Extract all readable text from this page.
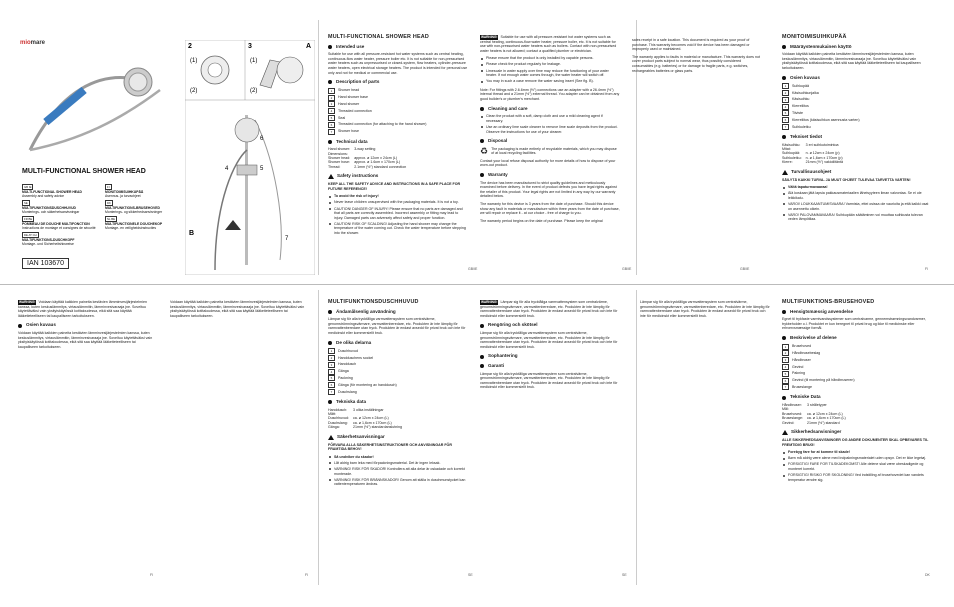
miomare
MULTI-FUNCTIONAL SHOWER HEAD
GB IE
MULTI-FUNCTIONAL SHOWER HEAD
Assembly and safety advice
FI
MONITOIMISUIHKUPÄÄ
Asennus- ja turvaohjeet
SE
MULTIFUNKTIONSDUSCHHUVUD
Monterings- och säkerhetsanvisningar
DK
MULTIFUNKTIONS-BRUSEHOVED
Monterings- og sikkerhedsanvisninger
FR BE
POMMEAU DE DOUCHE MULTIFONCTION
Instructions de montage et consignes de sécurité
NL BE
MULTIFUNCTIONELE DOUCHEKOP
Montage- en veiligheidsinstructies
DE AT CH
MULTIFUNKTIONS-DUSCHKOPF
Montage- und Sicherheitshinweise
IAN 103670
2
(1)
(2)
3
(1)
(2)
A
5
4
6
7
B
MULTI-FUNCTIONAL SHOWER HEAD
Intended use
Suitable for use with all pressure-resistant hot water systems such as central heating, continuous-flow water heater, pressure boiler etc. It is not suitable for non-pressurised water heaters such as unpressurised or closed-system, flow heaters, cylinder-pressure water heaters, open electrical storage heaters. The product is intended for personal use only and not for medical or commercial use.
Description of parts
1	Shower head
2	Hand shower base
3	Hand shower
4	Threaded connection
5	Seal
6	Threaded connection (for attaching to the hand shower)
7	Shower hose
Technical data
Hand shower:	3-way setting
Dimensions:	
Shower head:	approx. ø 12cm x 24cm (L)
Shower hose:	approx. ø 1.6cm x 170cm (L)
Thread:	2.1mm (½") standard connection
Safety instructions
KEEP ALL THE SAFETY ADVICE AND INSTRUCTIONS IN A SAFE PLACE FOR FUTURE REFERENCE!
To avoid the risk of injury!
Never leave children unsupervised with the packaging materials. It is not a toy.
CAUTION! DANGER OF INJURY! Please ensure that no parts are damaged and that all parts are correctly assembled. Incorrect assembly or fitting may lead to injury. Damaged parts can adversely affect safety and proper function.
CAUTION! RISK OF SCALDING! Adjusting the hand shower may change the temperature of the water coming out. Check the water temperature before stepping into the shower.
WARNING! Suitable for use with all pressure-resistant hot water systems such as central heating, continuous-flow water heater, pressure boiler, etc. It is not suitable for use with non-pressurised water heaters such as boilers. Contact with non-pressurised water heaters is not allowed; contact a qualified plumber or electrician.
Please ensure that the product is only installed by capable persons.
Please check the product regularly for leakage.
Limescale in water supply over time may reduce the functioning of your water heater. If not enough water comes through, the water heater will switch off.
You may in such a case remove the water saving insert (See fig. B).
Note: For fittings with 2.6.6mm (½") connections use an adapter with a 26.4mm (½") internal thread and a 21mm (½") external thread. You adapter can be obtained from any good builder's or plumber's merchant.
Cleaning and care
Clean the product with a soft, damp cloth and use a mild cleaning agent if necessary.
Use an ordinary lime scale cleaner to remove lime scale deposits from the product. Observe the instructions for use of your cleaner.
Disposal
♻ The packaging is made entirely of recyclable materials, which you may dispose of at local recycling facilities.
Contact your local refuse disposal authority for more details of how to dispose of your worn-out product.
Warranty
The device has been manufactured to strict quality guidelines and meticulously examined before delivery. In the event of product defects you have legal rights against the retailer of this product. Your legal rights are not limited in any way by our warranty detailed below.
The warranty for this device is 3 years from the date of purchase. Should this device show any fault in materials or manufacture within three years from the date of purchase, we will repair or replace it - at our choice - free of charge to you.
The warranty period begins on the date of purchase. Please keep the original
sales receipt in a safe location. This document is required as your proof of purchase. This warranty becomes void if the device has been damaged or improperly used or maintained.
The warranty applies to faults in material or manufacture. This warranty does not cover product parts subject to normal wear, thus possibly considered consumables (e.g. batteries) or for damage to fragile parts, e.g. switches, rechargeables batteries or glass parts.
MONITOIMISUIHKUPÄÄ
Määräystenmukainen käyttö
Voidaan käyttää kaikkien paineita kestävien lämminvesijärjestelmien kanssa, kuten keskuslämmitys, virtauslämmitin, lämminvesivaraaja jne. Soveltuu käytettäväksi vain yksityiskäytössä kotitaloudessa, eikä sitä saa käyttää lääketieteelliseen tai kaupalliseen tarkoitukseen.
Osien kuvaus
1	Suihkupää
2	Käsisuihkunjalka
3	Käsisuihku
4	Kierreliitos
5	Tiiviste
6	Kierreliitos (käsisuihkun asennusta varten)
7	Suihkuletku
Tekniset tiedot
Käsisuihku:	3 eri suihkutoimintoa
Mitat:	
Suihkupää:	n. ø 12cm x 24cm (p)
Suihkuletku:	n. ø 1,6cm x 170cm (p)
Kierre:	21mm (½") vakioliitäntä
Turvallisuusohjeet
SÄILYTÄ KAIKKI TURVA- JA MUUT OHJEET TULEVAA TARVETTA VARTEN!
Vältä tapaturmavaaraa!
Älä koskaan jätä lapsia pakkausmateriaalien läheisyyteen ilman valvontaa. Se ei ole leikkikalu.
VAROI! LOUKKAANTUMISVAARA! Varmista, ettei osissa ole vaurioita ja että kaikki osat on asennettu oikein.
VARO! PALOVAMMAVAARA! Suihkupään säätäminen voi muuttaa suihkusta tulevan veden lämpötilaa.
GB/IE	GB/IE	GB/IE	FI
WARNING! Voidaan käyttää kaikkien paineita kestävien lämminvesijärjestelmien kanssa, kuten keskuslämmitys, virtauslämmitin, lämminvesivaraaja jne. Soveltuu käytettäväksi vain yksityiskäytössä kotitaloudessa, eikä sitä saa käyttää lääketieteelliseen tai kaupalliseen tarkoitukseen.
Osien kuvaus
Voidaan käyttää kaikkien paineita kestävien lämminvesijärjestelmien kanssa, kuten keskuslämmitys, virtauslämmitin, lämminvesivaraaja jne. Soveltuu käytettäväksi vain yksityiskäytössä kotitaloudessa, eikä sitä saa käyttää lääketieteelliseen tai kaupalliseen tarkoitukseen.
Voidaan käyttää kaikkien paineita kestävien lämminvesijärjestelmien kanssa, kuten keskuslämmitys, virtauslämmitin, lämminvesivaraaja jne. Soveltuu käytettäväksi vain yksityiskäytössä kotitaloudessa, eikä sitä saa käyttää lääketieteelliseen tai kaupalliseen tarkoitukseen.
MULTIFUNKTIONSDUSCHHUVUD
Ändamålsenlig användning
Lämpar sig för alla trycktåliga varmvattensystem som centralvärme, genomströmningsvärmare, varmvattenberedare, etc. Produkten är inte lämplig för varmvattenberedare utan tryck. Produkten är endast avsedd för privat bruk och inte för medicinskt eller kommersiellt bruk.
De olika delarna
1	Duschhuvud
2	Handduschens sockel
3	Handdusch
4	Gänga
5	Packning
6	Gänga (för montering av handdusch)
7	Duschslang
Tekniska data
Handdusch:	3 olika inställningar
Mått:	
Duschhuvud:	ca. ø 12cm x 24cm (L)
Duschslang:	ca. ø 1,6cm x 170cm (L)
Gänga:	21mm (½") standardanslutning
Säkerhetsanvisningar
FÖRVARA ALLA SÄKERHETSINSTRUKTIONER OCH ANVISNINGAR FÖR FRAMTIDA BEHOV!
Så undviker du skador!
Låt aldrig barn leka med förpackningsmaterial. Det är ingen leksak.
VARNING! RISK FÖR SKADOR! Kontrollera att alla delar är oskadade och korrekt monterade.
VARNING! RISK FÖR BRÄNNSKADOR! Genom att ställa in duschmunstycket kan vattentemperaturen ändras.
WARNING! Lämpar sig för alla trycktåliga varmvattensystem som centralvärme, genomströmningsvärmare, varmvattenberedare, etc. Produkten är inte lämplig för varmvattenberedare utan tryck. Produkten är endast avsedd för privat bruk och inte för medicinskt eller kommersiellt bruk.
Rengöring och skötsel
Lämpar sig för alla trycktåliga varmvattensystem som centralvärme, genomströmningsvärmare, varmvattenberedare, etc. Produkten är inte lämplig för varmvattenberedare utan tryck. Produkten är endast avsedd för privat bruk och inte för medicinskt eller kommersiellt bruk.
Sophantering
Garanti
Lämpar sig för alla trycktåliga varmvattensystem som centralvärme, genomströmningsvärmare, varmvattenberedare, etc. Produkten är inte lämplig för varmvattenberedare utan tryck. Produkten är endast avsedd för privat bruk och inte för medicinskt eller kommersiellt bruk.
Lämpar sig för alla trycktåliga varmvattensystem som centralvärme, genomströmningsvärmare, varmvattenberedare, etc. Produkten är inte lämplig för varmvattenberedare utan tryck. Produkten är endast avsedd för privat bruk och inte för medicinskt eller kommersiellt bruk.
MULTIFUNKTIONS-BRUSEHOVED
Hensigtsmæssig anvendelse
Egnet til trykfaste varmtvandssystemer som centralvarme, gennemstrømningsvandvarmer, trykbeholder o.l. Produktet er kun beregnet til privat brug og ikke til medicinske eller erhvervsmæssige formål.
Beskrivelse af delene
1	Brusehoved
2	Håndbrusebeslag
3	Håndbruser
4	Gevind
5	Pakning
6	Gevind (til montering på håndbruseren)
7	Bruseslange
Tekniske Data
Håndbruser:	3 stråletyper
Mål:	
Brusehoved:	ca. ø 12cm x 24cm (L)
Bruseslange:	ca. ø 1,6cm x 170cm (L)
Gevind:	21mm (½") standard
Sikkerhedsanvisninger
ALLE SIKKERHEDSANVISNINGER OG ANDRE DOKUMENTER SKAL OPBEVARES TIL FREMTIDIG BRUG!
Forebyg fare for at komme til skade!
Børn må aldrig være alene med indpakningsmaterialet uden opsyn. Det er ikke legetøj.
FORSIGTIG! FARE FOR TILSKADEKOMST! Alle delene skal være ubeskadigede og monteret korrekt.
FORSIGTIG! RISIKO FOR SKOLDNING! Ved indstilling af brusehovedet kan vandets temperatur ændre sig.
FI	FI	SE	SE	DK
